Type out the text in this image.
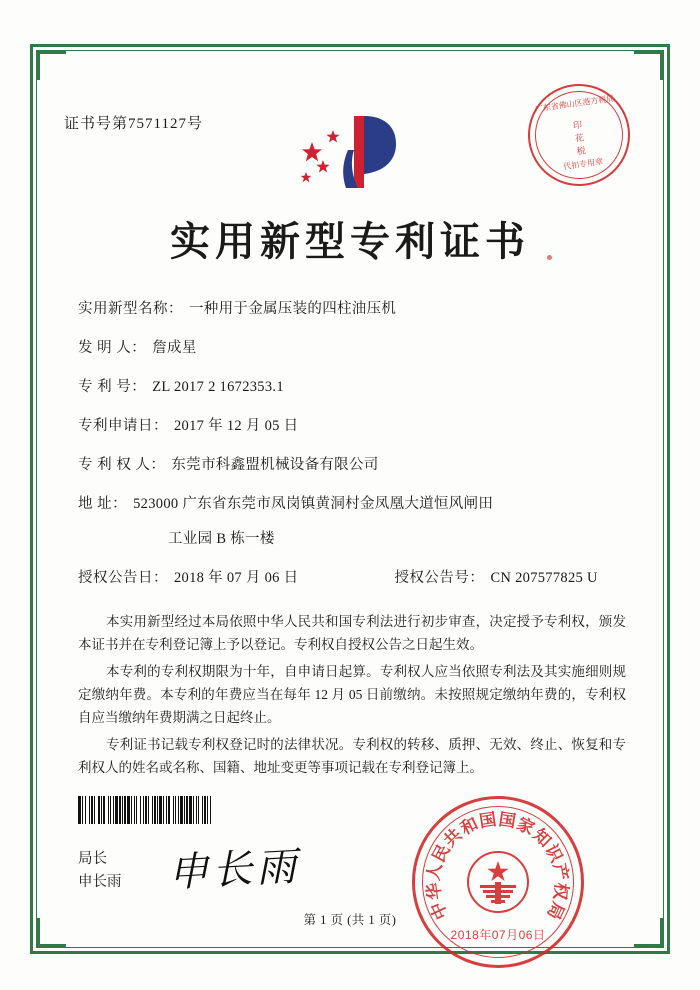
证书号第7571127号
广东省佛山区港方税局
印
花
税
代扣专用章
实用新型专利证书
实用新型名称： 一种用于金属压装的四柱油压机
发 明 人： 詹成星
专 利 号： ZL 2017 2 1672353.1
专利申请日： 2017 年 12 月 05 日
专 利 权 人： 东莞市科鑫盟机械设备有限公司
地 址： 523000 广东省东莞市凤岗镇黄洞村金凤凰大道恒风闸田
工业园 B 栋一楼
授权公告日： 2018 年 07 月 06 日	授权公告号： CN 207577825 U

本实用新型经过本局依照中华人民共和国专利法进行初步审查，决定授予专利权，颁发本证书并在专利登记簿上予以登记。专利权自授权公告之日起生效。

本专利的专利权期限为十年，自申请日起算。专利权人应当依照专利法及其实施细则规定缴纳年费。本专利的年费应当在每年 12 月 05 日前缴纳。未按照规定缴纳年费的，专利权自应当缴纳年费期满之日起终止。

专利证书记载专利权登记时的法律状况。专利权的转移、质押、无效、终止、恢复和专利权人的姓名或名称、国籍、地址变更等事项记载在专利登记簿上。

局长
申长雨 申长雨
2018年07月06日
中
华
人
民
共
和
国 国
家
知
识
产
权
局
第 1 页 (共 1 页)
